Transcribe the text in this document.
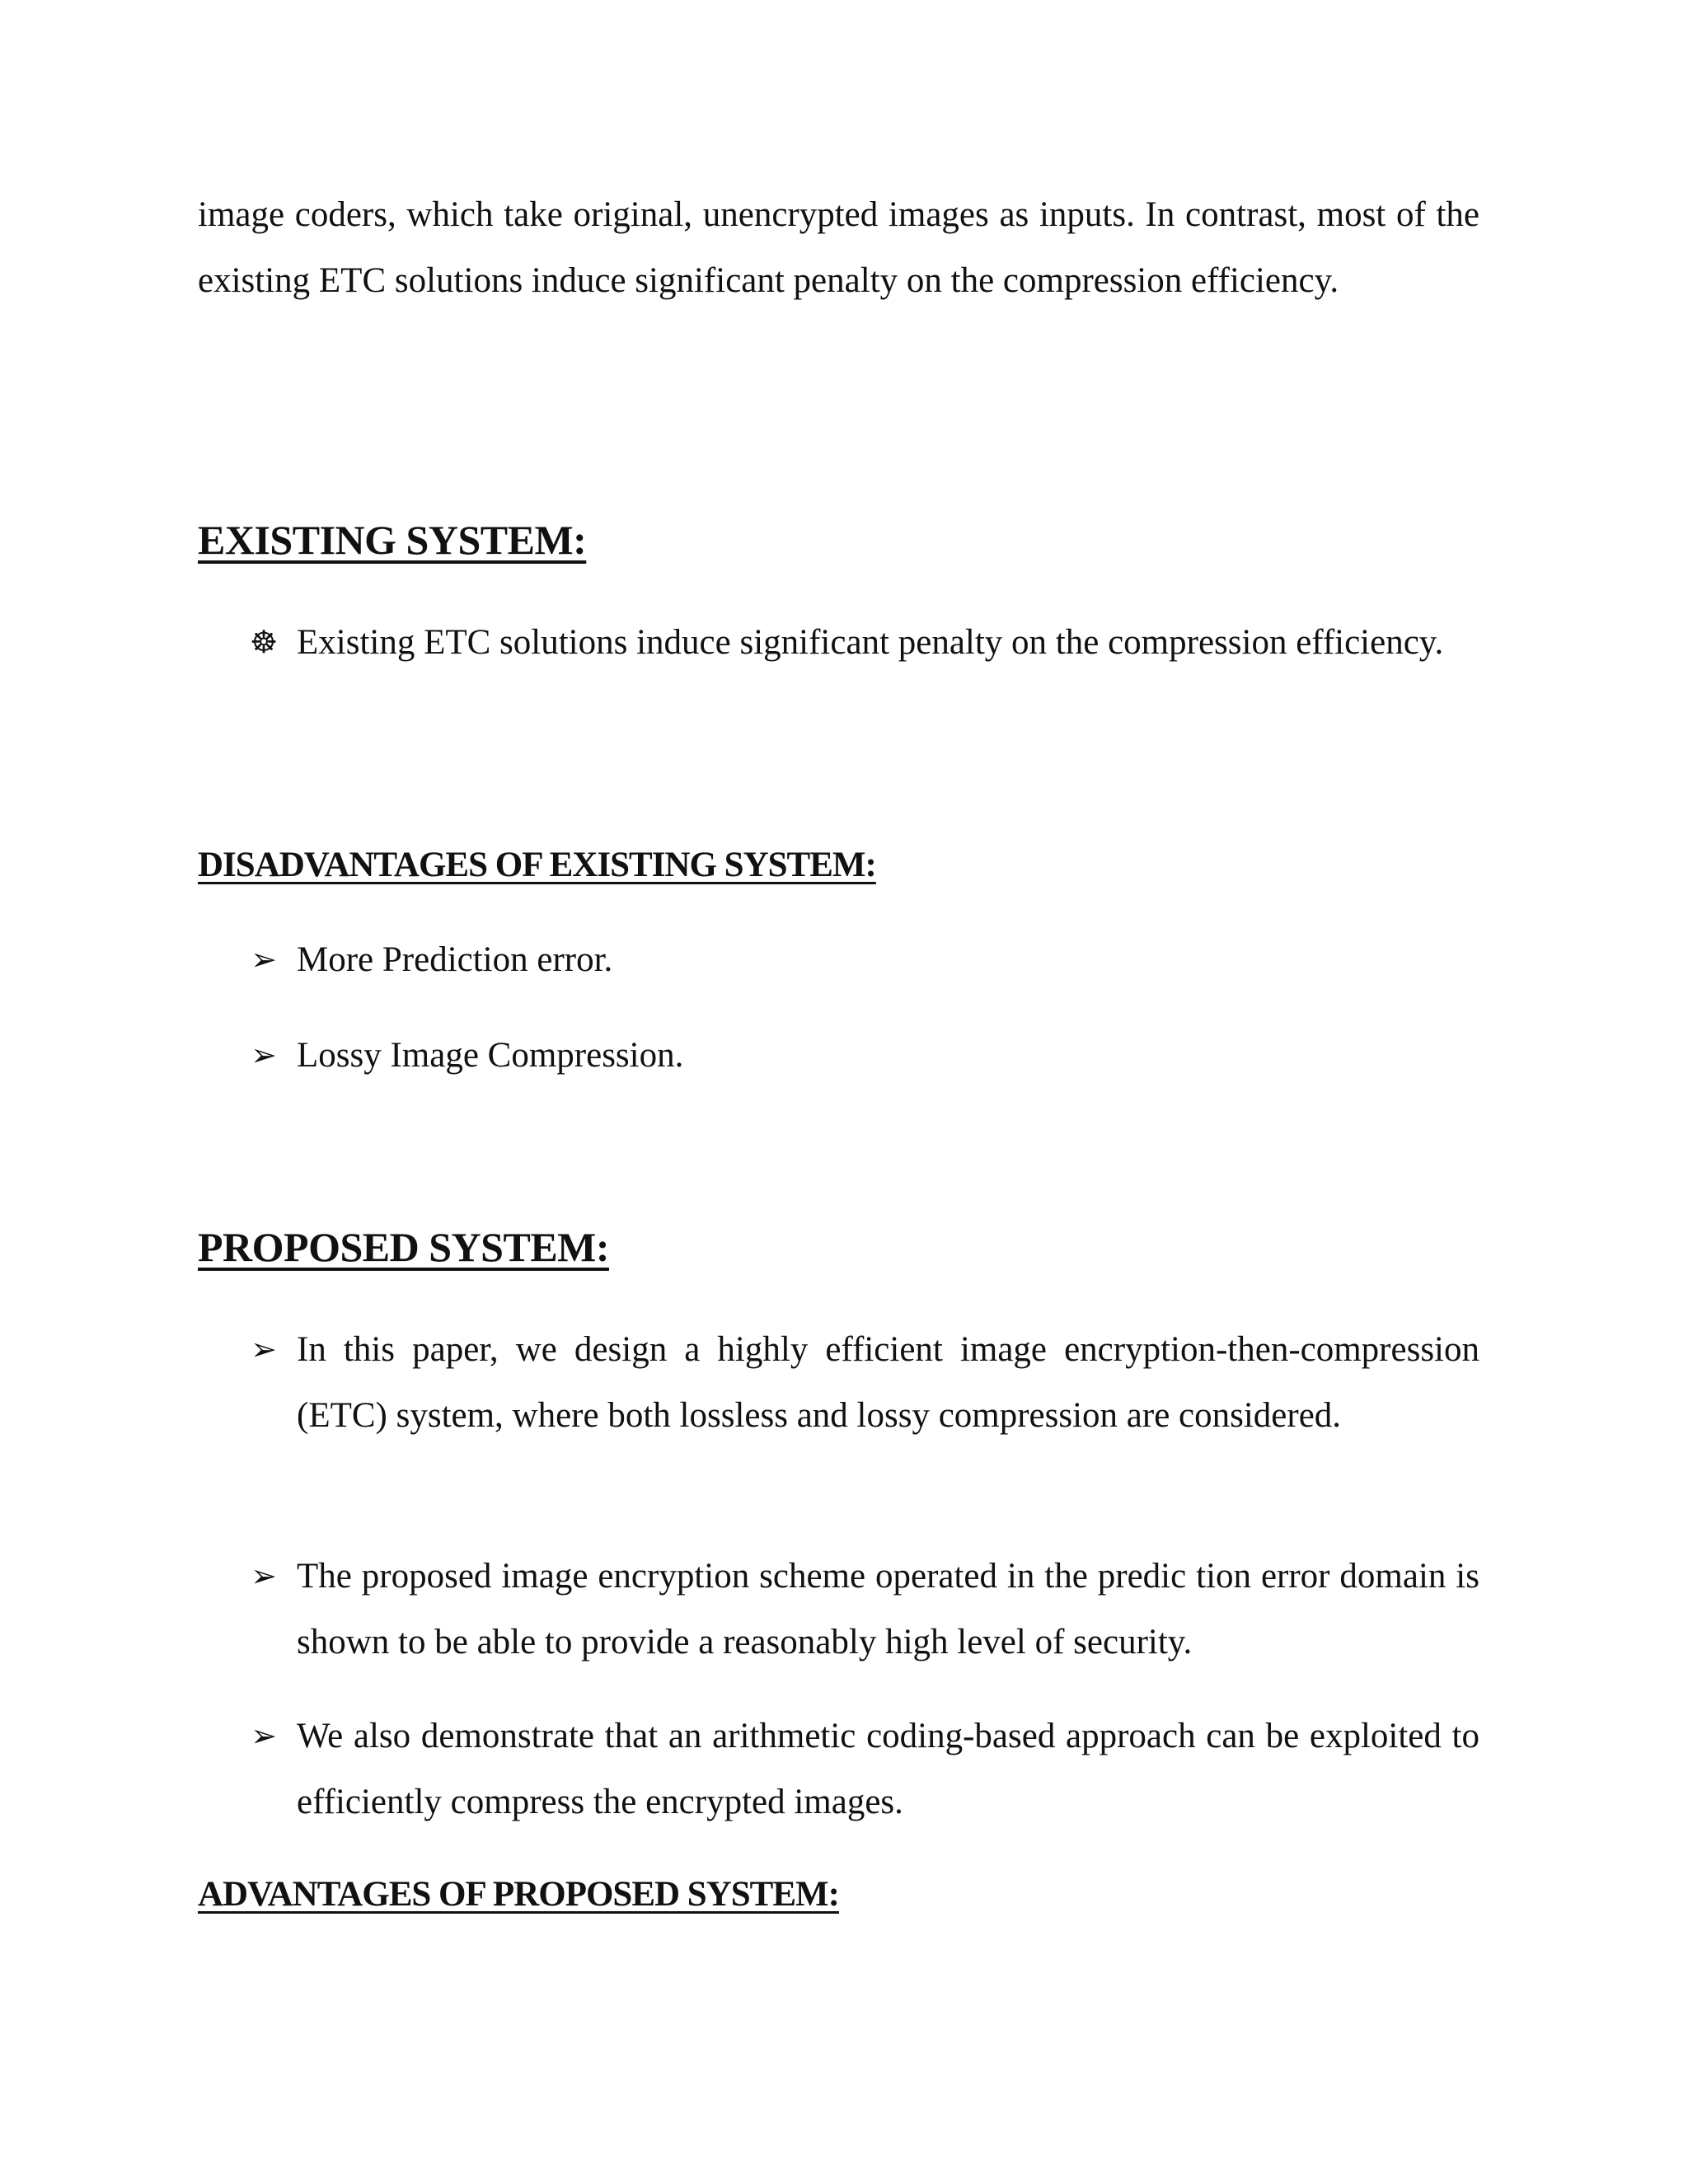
image coders, which take original, unencrypted images as inputs. In contrast, most of the existing ETC solutions induce significant penalty on the compression efficiency.

EXISTING SYSTEM:
☸ Existing ETC solutions induce significant penalty on the compression efficiency.
DISADVANTAGES OF EXISTING SYSTEM:
➢ More Prediction error.
➢ Lossy Image Compression.
PROPOSED SYSTEM:
➢ In this paper, we design a highly efficient image encryption-then-compression (ETC) system, where both lossless and lossy compression are considered.
➢ The proposed image encryption scheme operated in the predic tion error domain is shown to be able to provide a reasonably high level of security.
➢ We also demonstrate that an arithmetic coding-based approach can be exploited to efficiently compress the encrypted images.
ADVANTAGES OF PROPOSED SYSTEM:
